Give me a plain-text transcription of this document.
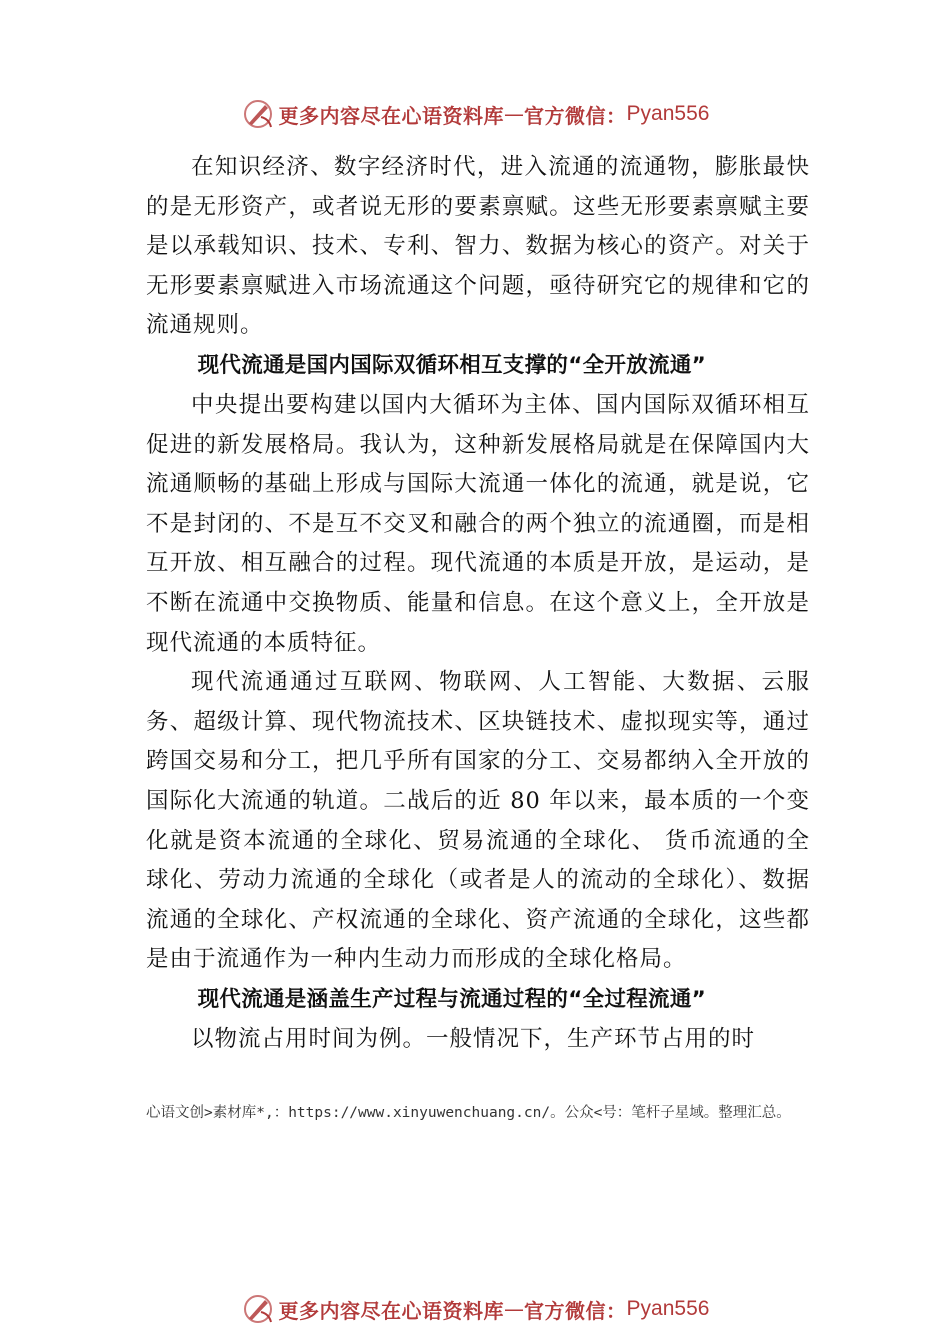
更多内容尽在心语资料库 — 官方微信： Pyan556

在知识经济、数字经济时代，进入流通的流通物，膨胀最快的是无形资产，或者说无形的要素禀赋。这些无形要素禀赋主要是以承载知识、技术、专利、智力、数据为核心的资产。对关于无形要素禀赋进入市场流通这个问题，亟待研究它的规律和它的流通规则。

现代流通是国内国际双循环相互支撑的“全开放流通”

中央提出要构建以国内大循环为主体、国内国际双循环相互促进的新发展格局。我认为，这种新发展格局就是在保障国内大流通顺畅的基础上形成与国际大流通一体化的流通，就是说，它不是封闭的、不是互不交叉和融合的两个独立的流通圈，而是相互开放、相互融合的过程。现代流通的本质是开放，是运动，是不断在流通中交换物质、能量和信息。在这个意义上，全开放是现代流通的本质特征。

现代流通通过互联网、物联网、人工智能、大数据、云服务、超级计算、现代物流技术、区块链技术、虚拟现实等，通过跨国交易和分工，把几乎所有国家的分工、交易都纳入全开放的国际化大流通的轨道。二战后的近 80 年以来，最本质的一个变化就是资本流通的全球化、贸易流通的全球化、 货币流通的全球化、劳动力流通的全球化（或者是人的流动的全球化）、数据流通的全球化、产权流通的全球化、资产流通的全球化，这些都是由于流通作为一种内生动力而形成的全球化格局。

现代流通是涵盖生产过程与流通过程的“全过程流通”

以物流占用时间为例。一般情况下，生产环节占用的时

心语文创>素材库*,：https://www.xinyuwenchuang.cn/。公众<号：笔杆子星域。整理汇总。
更多内容尽在心语资料库 — 官方微信： Pyan556
